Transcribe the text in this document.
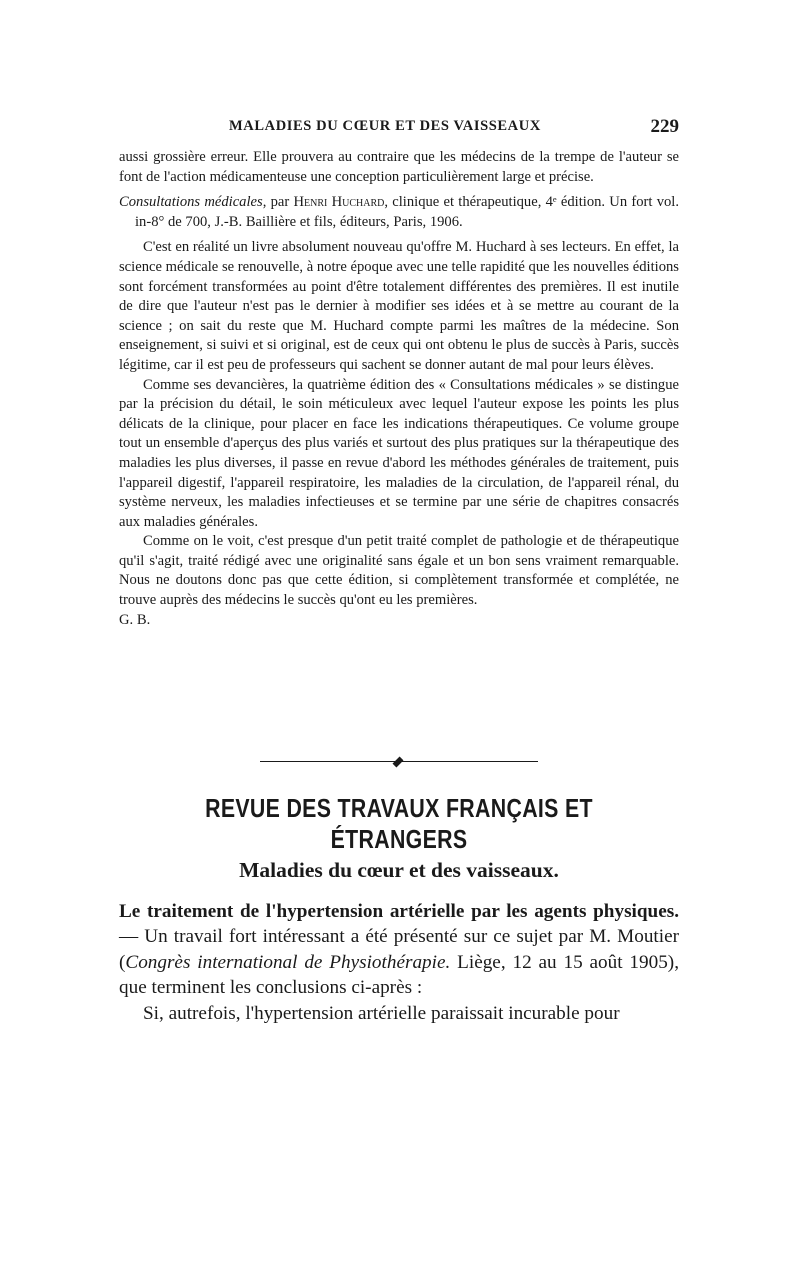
MALADIES DU CŒUR ET DES VAISSEAUX	229

aussi grossière erreur. Elle prouvera au contraire que les médecins de la trempe de l'auteur se font de l'action médicamenteuse une conception particulièrement large et précise.

Consultations médicales, par Henri Huchard, clinique et thérapeutique, 4ᵉ édition. Un fort vol. in-8° de 700, J.-B. Baillière et fils, éditeurs, Paris, 1906.

C'est en réalité un livre absolument nouveau qu'offre M. Huchard à ses lecteurs. En effet, la science médicale se renouvelle, à notre époque avec une telle rapidité que les nouvelles éditions sont forcément transformées au point d'être totalement différentes des premières. Il est inutile de dire que l'auteur n'est pas le dernier à modifier ses idées et à se mettre au courant de la science ; on sait du reste que M. Huchard compte parmi les maîtres de la médecine. Son enseignement, si suivi et si original, est de ceux qui ont obtenu le plus de succès à Paris, succès légitime, car il est peu de professeurs qui sachent se donner autant de mal pour leurs élèves.

Comme ses devancières, la quatrième édition des « Consultations médicales » se distingue par la précision du détail, le soin méticuleux avec lequel l'auteur expose les points les plus délicats de la clinique, pour placer en face les indications thérapeutiques. Ce volume groupe tout un ensemble d'aperçus des plus variés et surtout des plus pratiques sur la thérapeutique des maladies les plus diverses, il passe en revue d'abord les méthodes générales de traitement, puis l'appareil digestif, l'appareil respiratoire, les maladies de la circulation, de l'appareil rénal, du système nerveux, les maladies infectieuses et se termine par une série de chapitres consacrés aux maladies générales.

Comme on le voit, c'est presque d'un petit traité complet de pathologie et de thérapeutique qu'il s'agit, traité rédigé avec une originalité sans égale et un bon sens vraiment remarquable. Nous ne doutons donc pas que cette édition, si complètement transformée et complétée, ne trouve auprès des médecins le succès qu'ont eu les premières.

G. B.

REVUE DES TRAVAUX FRANÇAIS ET ÉTRANGERS
Maladies du cœur et des vaisseaux.

Le traitement de l'hypertension artérielle par les agents physiques. — Un travail fort intéressant a été présenté sur ce sujet par M. Moutier (Congrès international de Physiothérapie. Liège, 12 au 15 août 1905), que terminent les conclusions ci-après :

Si, autrefois, l'hypertension artérielle paraissait incurable pour
